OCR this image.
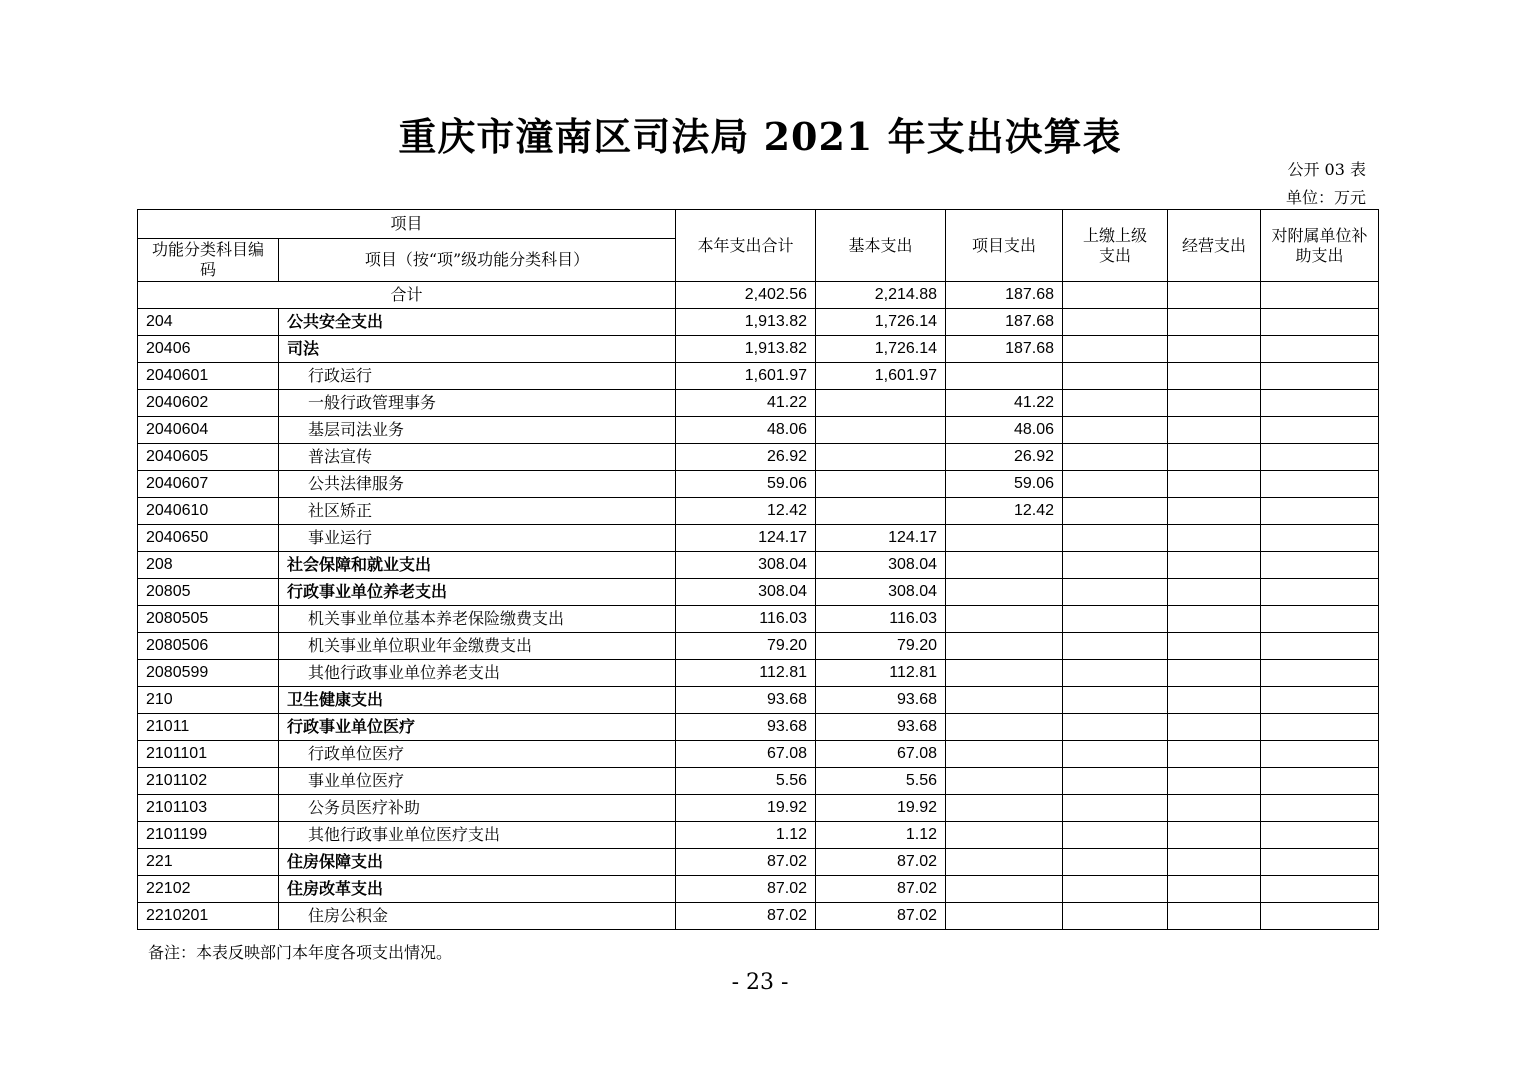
重庆市潼南区司法局 2021 年支出决算表
公开 03 表
单位：万元
项目		本年支出合计	基本支出	项目支出	上缴上级支出	经营支出	对附属单位补助支出
功能分类科目编码	项目（按“项”级功能分类科目）						
合计		2,402.56	2,214.88	187.68			
204	公共安全支出	1,913.82	1,726.14	187.68			
20406	司法	1,913.82	1,726.14	187.68			
2040601	行政运行	1,601.97	1,601.97				
2040602	一般行政管理事务	41.22		41.22			
2040604	基层司法业务	48.06		48.06			
2040605	普法宣传	26.92		26.92			
2040607	公共法律服务	59.06		59.06			
2040610	社区矫正	12.42		12.42			
2040650	事业运行	124.17	124.17				
208	社会保障和就业支出	308.04	308.04				
20805	行政事业单位养老支出	308.04	308.04				
2080505	机关事业单位基本养老保险缴费支出	116.03	116.03				
2080506	机关事业单位职业年金缴费支出	79.20	79.20				
2080599	其他行政事业单位养老支出	112.81	112.81				
210	卫生健康支出	93.68	93.68				
21011	行政事业单位医疗	93.68	93.68				
2101101	行政单位医疗	67.08	67.08				
2101102	事业单位医疗	5.56	5.56				
2101103	公务员医疗补助	19.92	19.92				
2101199	其他行政事业单位医疗支出	1.12	1.12				
221	住房保障支出	87.02	87.02				
22102	住房改革支出	87.02	87.02				
2210201	住房公积金	87.02	87.02				
备注：本表反映部门本年度各项支出情况。
- 23 -
